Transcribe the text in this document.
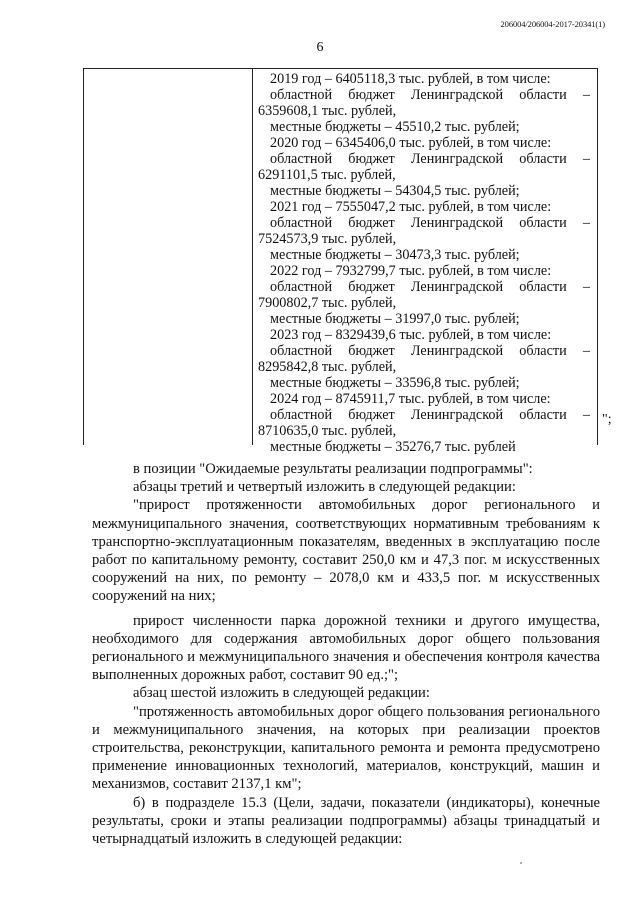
206004/206004-2017-20341(1)
6
2019 год – 6405118,3 тыс. рублей, в том числе:
областной бюджет Ленинградской области –
6359608,1 тыс. рублей,
местные бюджеты – 45510,2 тыс. рублей;
2020 год – 6345406,0 тыс. рублей, в том числе:
областной бюджет Ленинградской области –
6291101,5 тыс. рублей,
местные бюджеты – 54304,5 тыс. рублей;
2021 год – 7555047,2 тыс. рублей, в том числе:
областной бюджет Ленинградской области –
7524573,9 тыс. рублей,
местные бюджеты – 30473,3 тыс. рублей;
2022 год – 7932799,7 тыс. рублей, в том числе:
областной бюджет Ленинградской области –
7900802,7 тыс. рублей,
местные бюджеты – 31997,0 тыс. рублей;
2023 год – 8329439,6 тыс. рублей, в том числе:
областной бюджет Ленинградской области –
8295842,8 тыс. рублей,
местные бюджеты – 33596,8 тыс. рублей;
2024 год – 8745911,7 тыс. рублей, в том числе:
областной бюджет Ленинградской области –
8710635,0 тыс. рублей,
местные бюджеты – 35276,7 тыс. рублей
";

в позиции "Ожидаемые результаты реализации подпрограммы":

абзацы третий и четвертый изложить в следующей редакции:

"прирост протяженности автомобильных дорог регионального и межмуниципального значения, соответствующих нормативным требованиям к транспортно-эксплуатационным показателям, введенных в эксплуатацию после работ по капитальному ремонту, составит 250,0 км и 47,3 пог. м искусственных сооружений на них, по ремонту – 2078,0 км и 433,5 пог. м искусственных сооружений на них;

прирост численности парка дорожной техники и другого имущества, необходимого для содержания автомобильных дорог общего пользования регионального и межмуниципального значения и обеспечения контроля качества выполненных дорожных работ, составит 90 ед.;";

абзац шестой изложить в следующей редакции:

"протяженность автомобильных дорог общего пользования регионального и межмуниципального значения, на которых при реализации проектов строительства, реконструкции, капитального ремонта и ремонта предусмотрено применение инновационных технологий, материалов, конструкций, машин и механизмов, составит 2137,1 км";

б) в подразделе 15.3 (Цели, задачи, показатели (индикаторы), конечные результаты, сроки и этапы реализации подпрограммы) абзацы тринадцатый и четырнадцатый изложить в следующей редакции:
